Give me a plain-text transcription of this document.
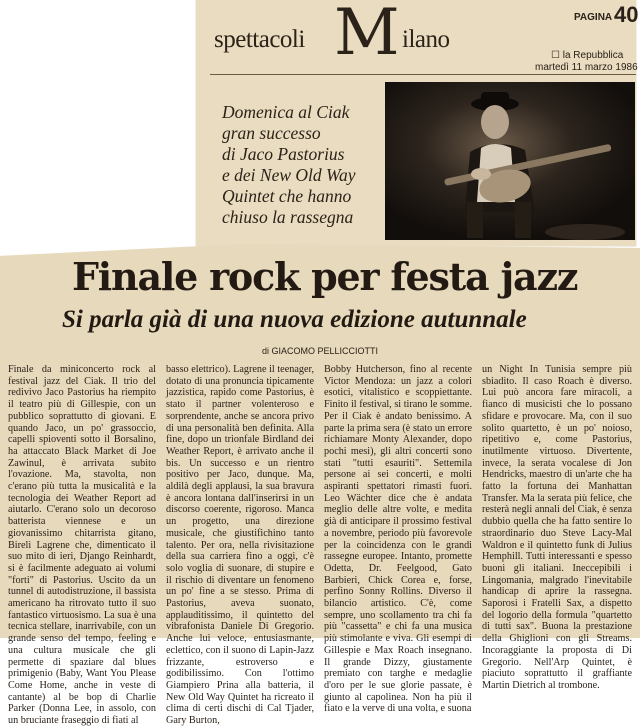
spettacoli M ilano
PAGINA 40
☐ la Repubblica
martedì 11 marzo 1986
Domenica al Ciak
gran successo
di Jaco Pastorius
e dei New Old Way
Quintet che hanno
chiuso la rassegna
Finale rock per festa jazz
Si parla già di una nuova edizione autunnale
di GIACOMO PELLICCIOTTI

Finale da miniconcerto rock al festival jazz del Ciak. Il trio del redivivo Jaco Pastorius ha riempito il teatro più di Gillespie, con un pubblico soprattutto di giovani. E quando Jaco, un po' grassoccio, capelli spioventi sotto il Borsalino, ha attaccato Black Market di Joe Zawinul, è arrivata subito l'ovazione. Ma, stavolta, non c'erano più tutta la musicalità e la tecnologia dei Weather Report ad aiutarlo. C'erano solo un decoroso batterista viennese e un giovanissimo chitarrista gitano, Birelì Lagrene che, dimenticato il suo mito di ieri, Django Reinhardt, si è facilmente adeguato ai volumi "forti" di Pastorius. Uscito da un tunnel di autodistruzione, il bassista americano ha ritrovato tutto il suo fantastico virtuosismo. La sua è una tecnica stellare, inarrivabile, con un grande senso del tempo, feeling e una cultura musicale che gli permette di spaziare dal blues primigenio (Baby, Want You Please Come Home, anche in veste di cantante) al be bop di Charlie Parker (Donna Lee, in assolo, con un bruciante fraseggio di fiati al

basso elettrico). Lagrene il teenager, dotato di una pronuncia tipicamente jazzistica, rapido come Pastorius, è stato il partner volenteroso e sorprendente, anche se ancora privo di una personalità ben definita. Alla fine, dopo un trionfale Birdland dei Weather Report, è arrivato anche il bis. Un successo e un rientro positivo per Jaco, dunque. Ma, aldilà degli applausi, la sua bravura è ancora lontana dall'inserirsi in un discorso coerente, rigoroso. Manca un progetto, una direzione musicale, che giustifichino tanto talento. Per ora, nella rivisitazione della sua carriera fino a oggi, c'è solo voglia di suonare, di stupire e il rischio di diventare un fenomeno un po' fine a se stesso. Prima di Pastorius, aveva suonato, applauditissimo, il quintetto del vibrafonista Daniele Di Gregorio. Anche lui veloce, entusiasmante, eclettico, con il suono di Lapin-Jazz frizzante, estroverso e godibilissimo. Con l'ottimo Giampiero Prina alla batteria, il New Old Way Quintet ha ricreato il clima di certi dischi di Cal Tjader, Gary Burton,

Bobby Hutcherson, fino al recente Victor Mendoza: un jazz a colori esotici, vitalistico e scoppiettante. Finito il festival, si tirano le somme. Per il Ciak è andato benissimo. A parte la prima sera (è stato un errore richiamare Monty Alexander, dopo pochi mesi), gli altri concerti sono stati "tutti esauriti". Settemila persone ai sei concerti, e molti aspiranti spettatori rimasti fuori. Leo Wächter dice che è andata meglio delle altre volte, e medita già di anticipare il prossimo festival a novembre, periodo più favorevole per la coincidenza con le grandi rassegne europee. Intanto, promette Odetta, Dr. Feelgood, Gato Barbieri, Chick Corea e, forse, perfino Sonny Rollins. Diverso il bilancio artistico. C'è, come sempre, uno scollamento tra chi fa più "cassetta" e chi fa una musica più stimolante e viva. Gli esempi di Gillespie e Max Roach insegnano. Il grande Dizzy, giustamente premiato con targhe e medaglie d'oro per le sue glorie passate, è giunto al capolinea. Non ha più il fiato e la verve di una volta, e suona

un Night In Tunisia sempre più sbiadito. Il caso Roach è diverso. Lui può ancora fare miracoli, a fianco di musicisti che lo possano sfidare e provocare. Ma, con il suo solito quartetto, è un po' noioso, ripetitivo e, come Pastorius, inutilmente virtuoso. Divertente, invece, la serata vocalese di Jon Hendricks, maestro di un'arte che ha fatto la fortuna dei Manhattan Transfer. Ma la serata più felice, che resterà negli annali del Ciak, è senza dubbio quella che ha fatto sentire lo straordinario duo Steve Lacy-Mal Waldron e il quintetto funk di Julius Hemphill. Tutti interessanti e spesso buoni gli italiani. Ineccepibili i Lingomania, malgrado l'inevitabile handicap di aprire la rassegna. Saporosi i Fratelli Sax, a dispetto del logorio della formula "quartetto di tutti sax". Buona la prestazione della Ghiglioni con gli Streams. Incoraggiante la proposta di Di Gregorio. Nell'Arp Quintet, è piaciuto soprattutto il graffiante Martin Dietrich al trombone.
